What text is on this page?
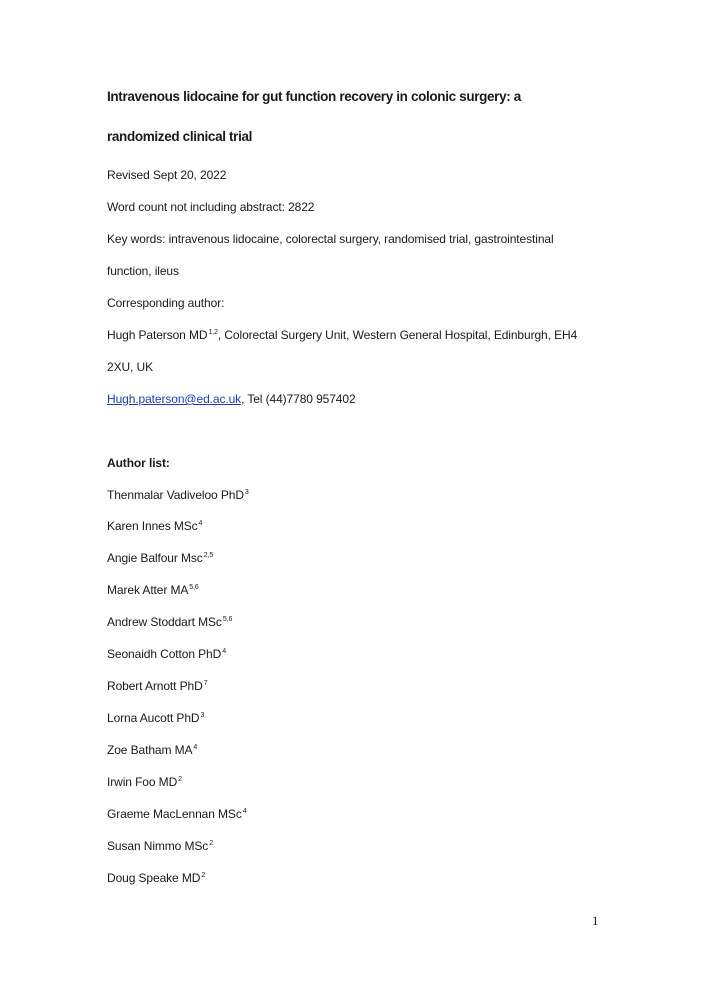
Intravenous lidocaine for gut function recovery in colonic surgery: a
randomized clinical trial
Revised Sept 20, 2022
Word count not including abstract: 2822
Key words: intravenous lidocaine, colorectal surgery, randomised trial, gastrointestinal
function, ileus
Corresponding author:
Hugh Paterson MD$^{1,2}$, Colorectal Surgery Unit, Western General Hospital, Edinburgh, EH4
2XU, UK
Hugh.paterson@ed.ac.uk, Tel (44)7780 957402
Author list:
Thenmalar Vadiveloo PhD$^3$
Karen Innes MSc$^4$
Angie Balfour Msc$^{2,5}$
Marek Atter MA$^{5,6}$
Andrew Stoddart MSc$^{5,6}$
Seonaidh Cotton PhD$^4$
Robert Arnott PhD$^7$
Lorna Aucott PhD$^3$
Zoe Batham $MA^4$
Irwin Foo $MD^2$
Graeme MacLennan MSc$^4$
Susan Nimmo MSc$^2$
Doug Speake $MD^2$
1
